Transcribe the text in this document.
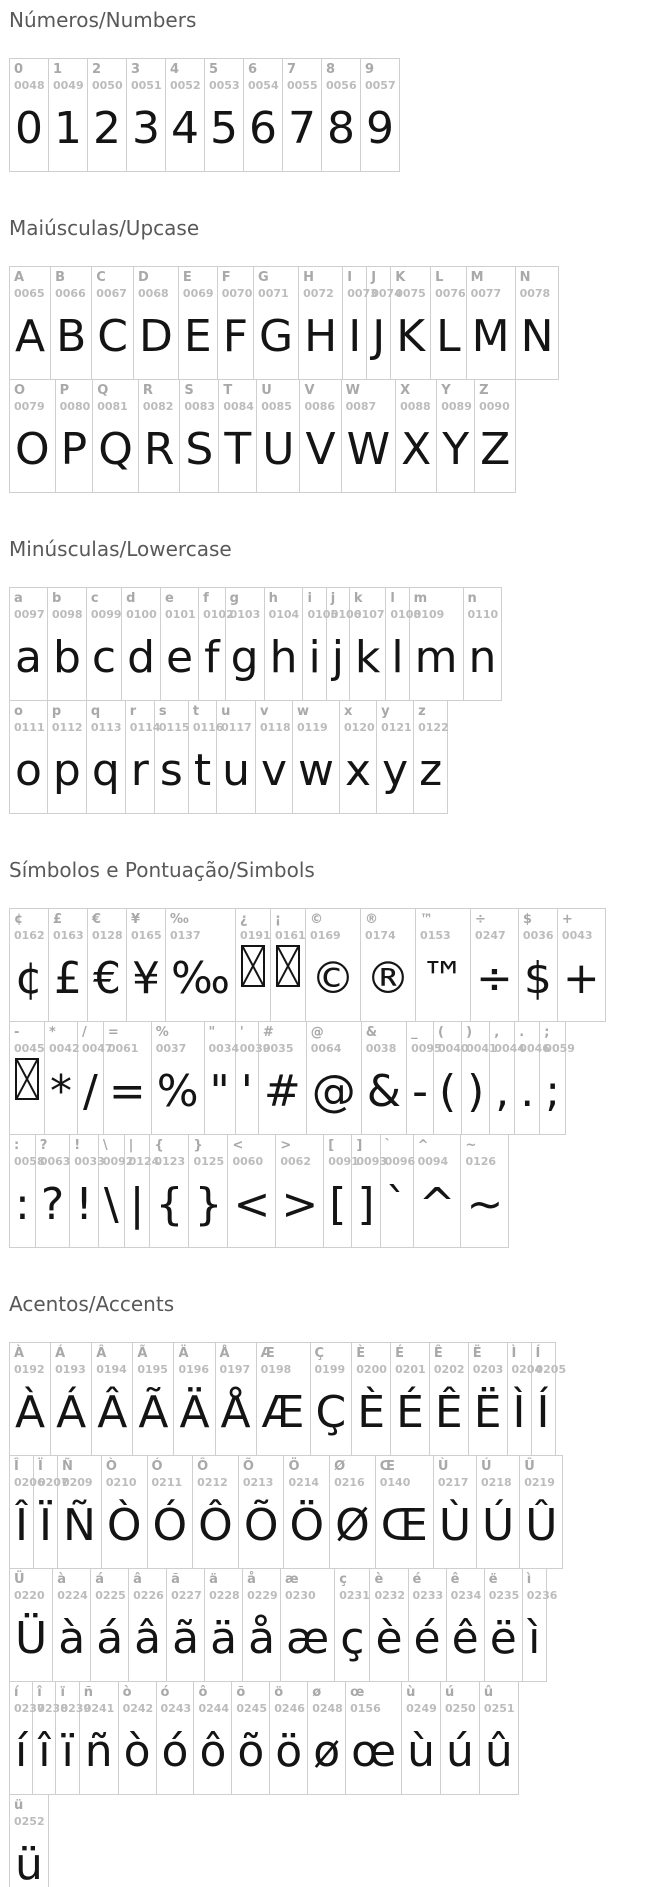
Números/Numbers
0
0048
0
1
0049
1
2
0050
2
3
0051
3
4
0052
4
5
0053
5
6
0054
6
7
0055
7
8
0056
8
9
0057
9
Maiúsculas/Upcase
A
0065
A
B
0066
B
C
0067
C
D
0068
D
E
0069
E
F
0070
F
G
0071
G
H
0072
H
I
0073
I
J
0074
J
K
0075
K
L
0076
L
M
0077
M
N
0078
N
O
0079
O
P
0080
P
Q
0081
Q
R
0082
R
S
0083
S
T
0084
T
U
0085
U
V
0086
V
W
0087
W
X
0088
X
Y
0089
Y
Z
0090
Z
Minúsculas/Lowercase
a
0097
a
b
0098
b
c
0099
c
d
0100
d
e
0101
e
f
0102
f
g
0103
g
h
0104
h
i
0105
i
j
0106
j
k
0107
k
l
0108
l
m
0109
m
n
0110
n
o
0111
o
p
0112
p
q
0113
q
r
0114
r
s
0115
s
t
0116
t
u
0117
u
v
0118
v
w
0119
w
x
0120
x
y
0121
y
z
0122
z
Símbolos e Pontuação/Simbols
¢
0162
¢
£
0163
£
€
0128
€
¥
0165
¥
‰
0137
‰
¿
0191
¡
0161
©
0169
©
®
0174
®
™
0153
™
÷
0247
÷
$
0036
$
+
0043
+
-
0045
*
0042
*
/
0047
/
=
0061
=
%
0037
%
"
0034
"
'
0039
'
#
0035
#
@
0064
@
&
0038
&
_
0095
-
(
0040
(
)
0041
)
,
0044
,
.
0046
.
;
0059
;
:
0058
:
?
0063
?
!
0033
!
\
0092
\
|
0124
|
{
0123
{
}
0125
}
<
0060
<
>
0062
>
[
0091
[
]
0093
]
`
0096
`
^
0094
^
~
0126
~
Acentos/Accents
À
0192
À
Á
0193
Á
Â
0194
Â
Ã
0195
Ã
Ä
0196
Ä
Å
0197
Å
Æ
0198
Æ
Ç
0199
Ç
È
0200
È
É
0201
É
Ê
0202
Ê
Ë
0203
Ë
Ì
0204
Ì
Í
0205
Í
Î
0206
Î
Ï
0207
Ï
Ñ
0209
Ñ
Ò
0210
Ò
Ó
0211
Ó
Ô
0212
Ô
Õ
0213
Õ
Ö
0214
Ö
Ø
0216
Ø
Œ
0140
Œ
Ù
0217
Ù
Ú
0218
Ú
Û
0219
Û
Ü
0220
Ü
à
0224
à
á
0225
á
â
0226
â
ã
0227
ã
ä
0228
ä
å
0229
å
æ
0230
æ
ç
0231
ç
è
0232
è
é
0233
é
ê
0234
ê
ë
0235
ë
ì
0236
ì
í
0237
í
î
0238
î
ï
0239
ï
ñ
0241
ñ
ò
0242
ò
ó
0243
ó
ô
0244
ô
õ
0245
õ
ö
0246
ö
ø
0248
ø
œ
0156
œ
ù
0249
ù
ú
0250
ú
û
0251
û
ü
0252
ü
